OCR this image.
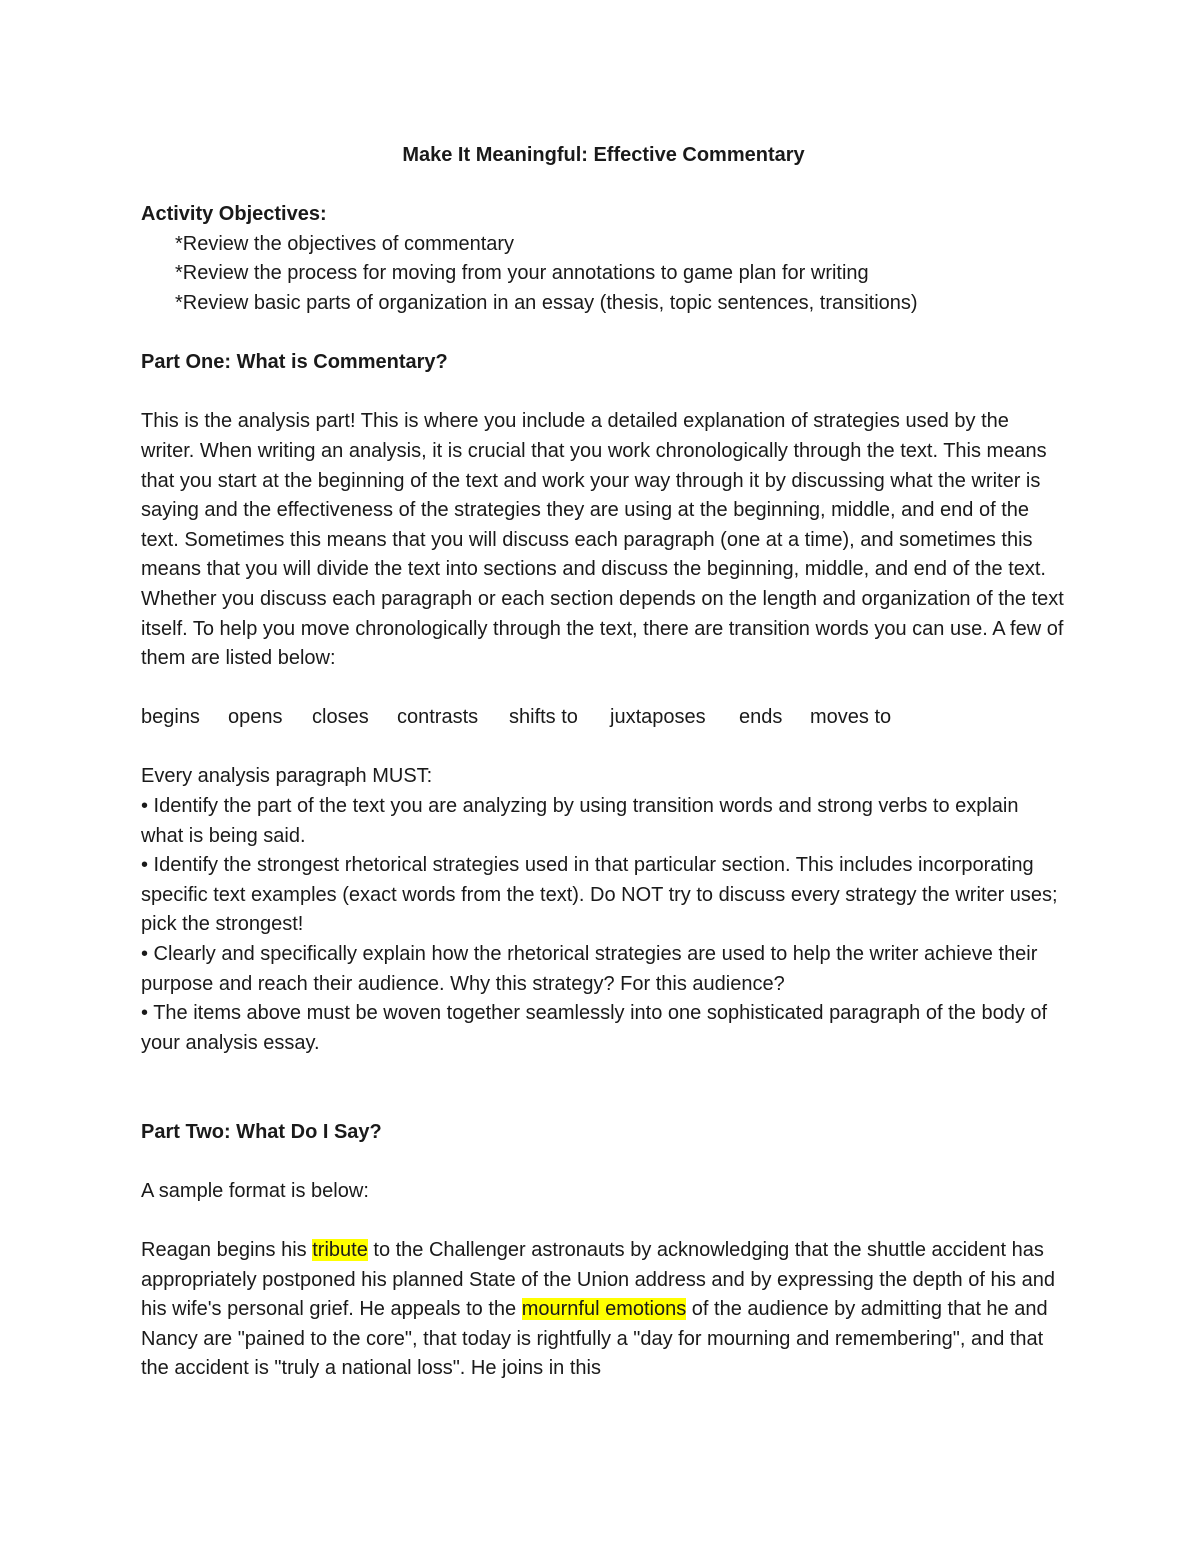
Make It Meaningful: Effective Commentary
Activity Objectives:
*Review the objectives of commentary
*Review the process for moving from your annotations to game plan for writing
*Review basic parts of organization in an essay (thesis, topic sentences, transitions)
Part One: What is Commentary?

This is the analysis part! This is where you include a detailed explanation of strategies used by the writer. When writing an analysis, it is crucial that you work chronologically through the text. This means that you start at the beginning of the text and work your way through it by discussing what the writer is saying and the effectiveness of the strategies they are using at the beginning, middle, and end of the text. Sometimes this means that you will discuss each paragraph (one at a time), and sometimes this means that you will divide the text into sections and discuss the beginning, middle, and end of the text. Whether you discuss each paragraph or each section depends on the length and organization of the text itself. To help you move chronologically through the text, there are transition words you can use. A few of them are listed below:

begins	opens	closes	contrasts	shifts to	juxtaposes	ends	moves to

Every analysis paragraph MUST:

• Identify the part of the text you are analyzing by using transition words and strong verbs to explain what is being said.

• Identify the strongest rhetorical strategies used in that particular section. This includes incorporating specific text examples (exact words from the text). Do NOT try to discuss every strategy the writer uses; pick the strongest!

• Clearly and specifically explain how the rhetorical strategies are used to help the writer achieve their purpose and reach their audience. Why this strategy? For this audience?

• The items above must be woven together seamlessly into one sophisticated paragraph of the body of your analysis essay.

Part Two: What Do I Say?

A sample format is below:

Reagan begins his tribute to the Challenger astronauts by acknowledging that the shuttle accident has appropriately postponed his planned State of the Union address and by expressing the depth of his and his wife's personal grief. He appeals to the mournful emotions of the audience by admitting that he and Nancy are "pained to the core", that today is rightfully a "day for mourning and remembering", and that the accident is "truly a national loss". He joins in this
